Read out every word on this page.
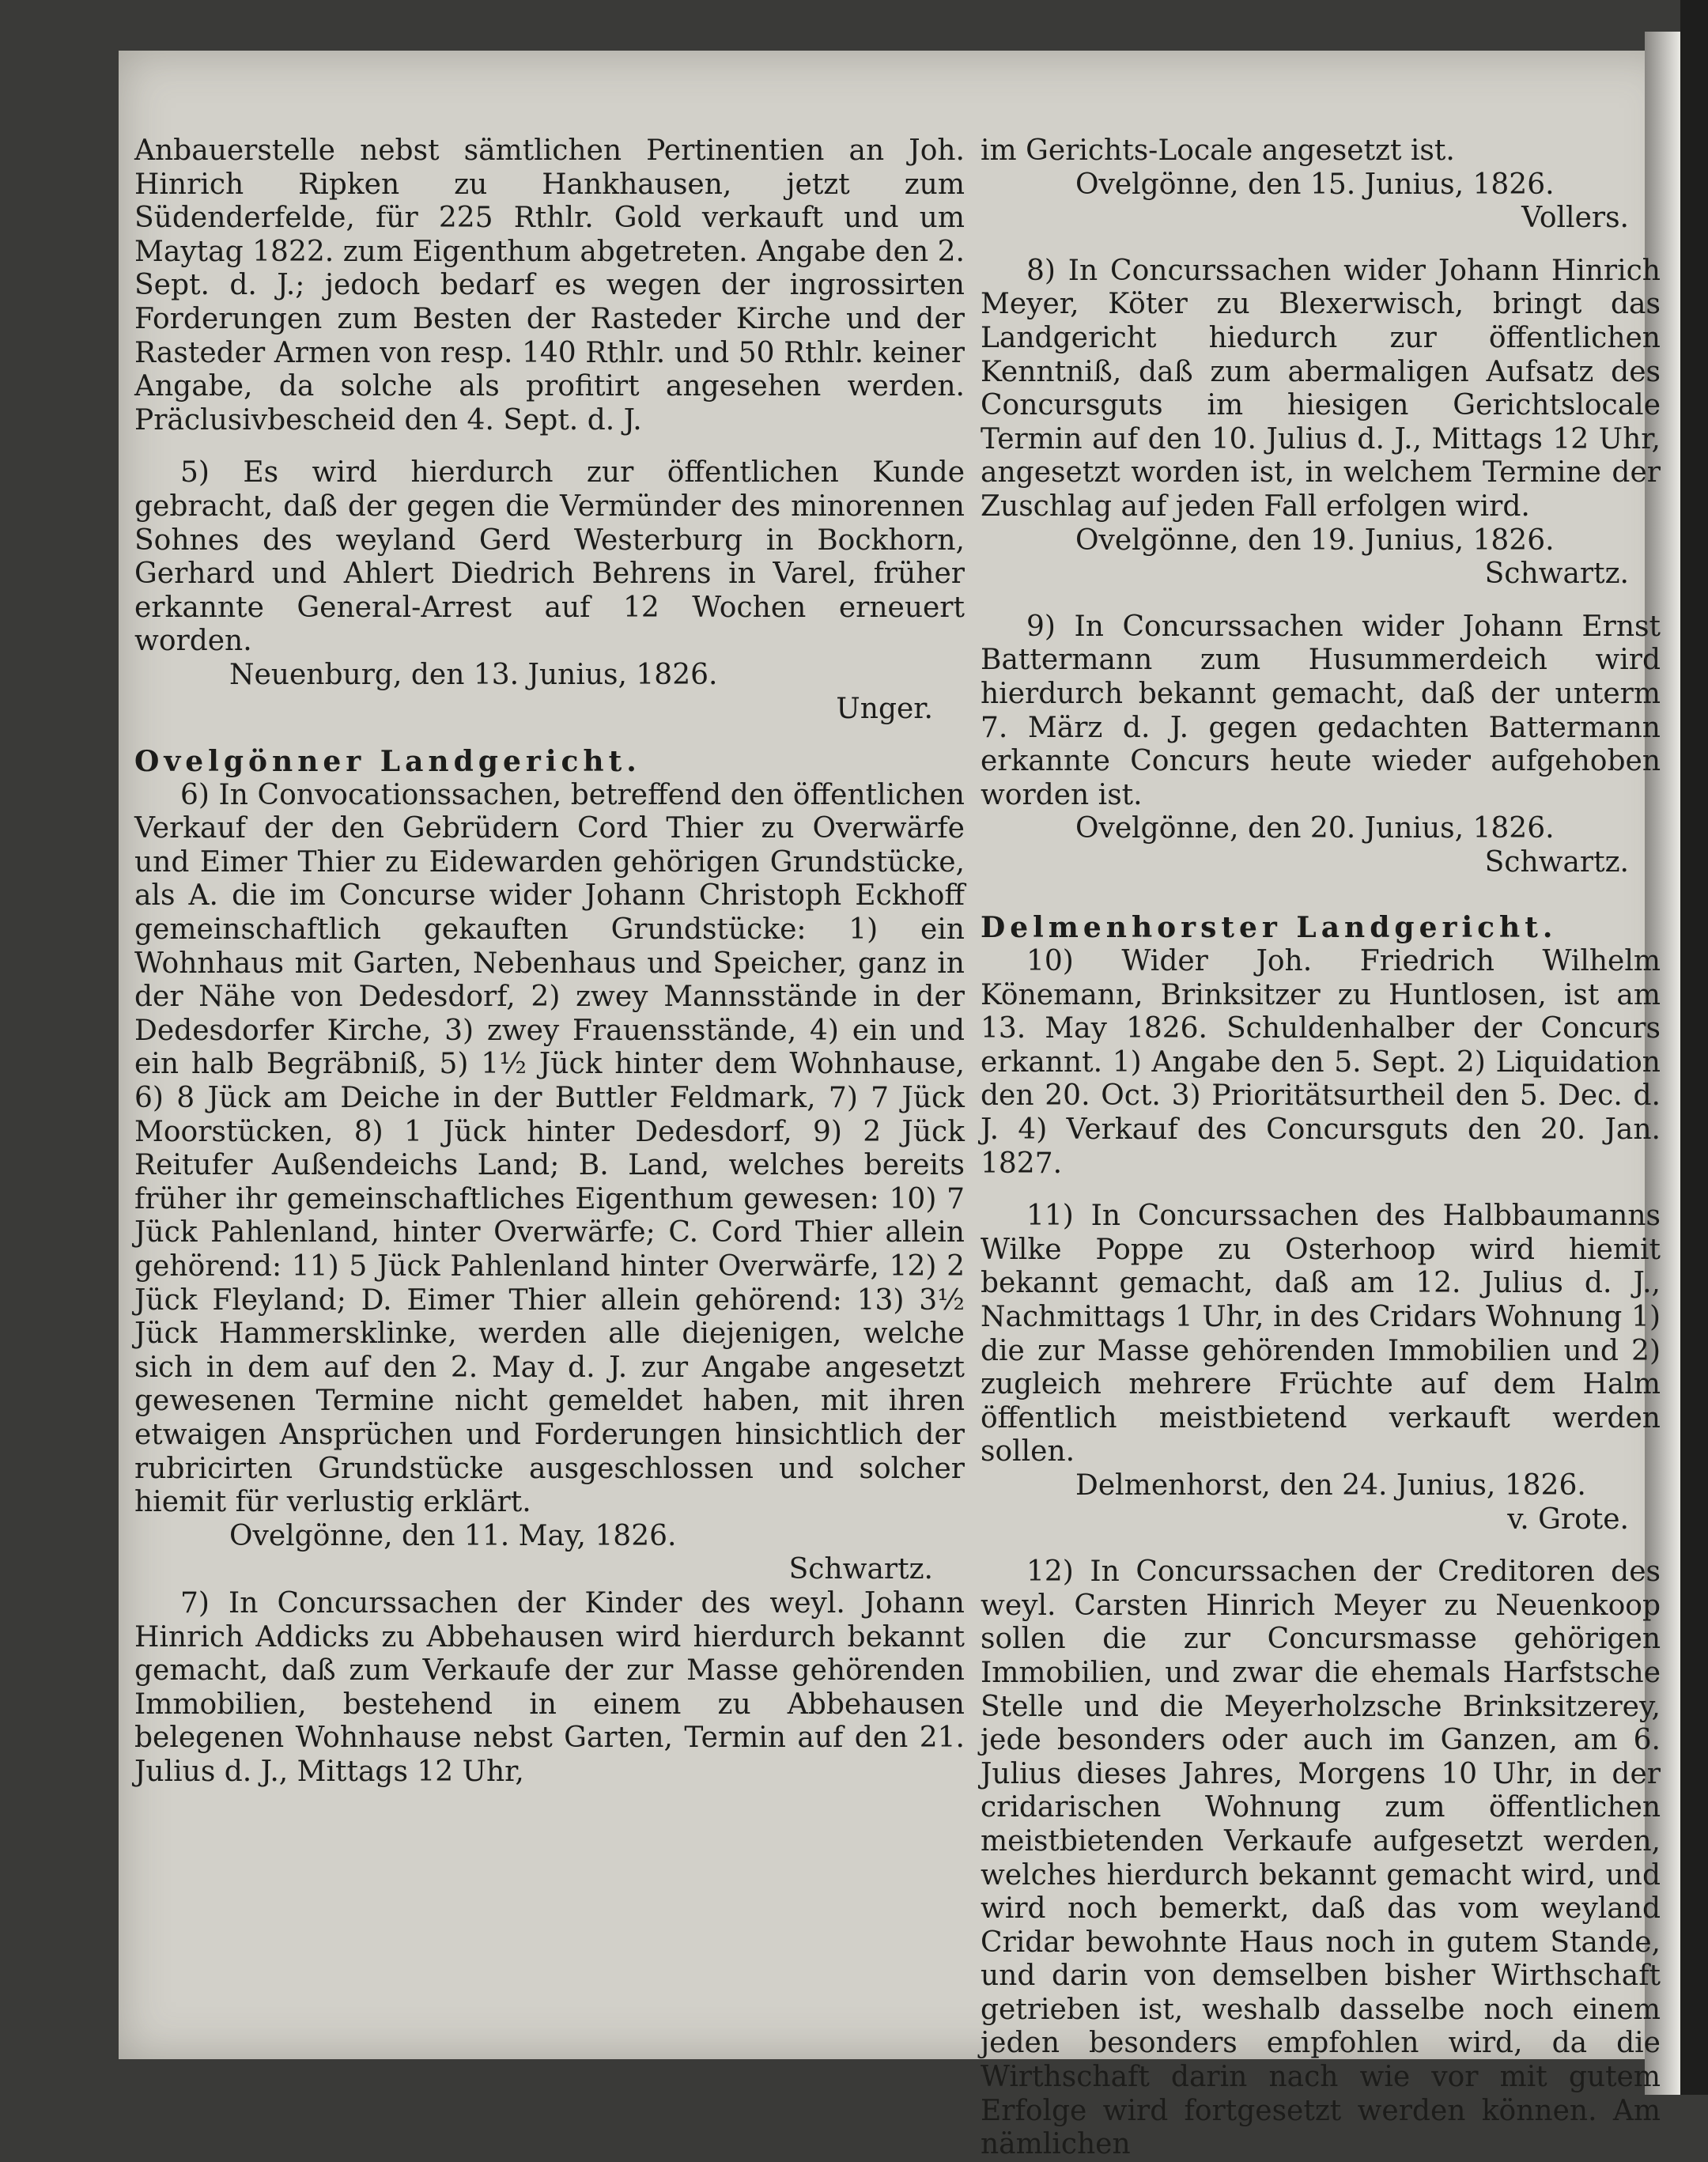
Anbauerstelle nebst sämtlichen Pertinentien an Joh. Hinrich Ripken zu Hankhausen, jetzt zum Südenderfelde, für 225 Rthlr. Gold verkauft und um Maytag 1822. zum Eigenthum abgetreten. Angabe den 2. Sept. d. J.; jedoch bedarf es wegen der ingrossirten Forderungen zum Besten der Rasteder Kirche und der Rasteder Armen von resp. 140 Rthlr. und 50 Rthlr. keiner Angabe, da solche als profitirt angesehen werden. Präclusivbescheid den 4. Sept. d. J.

5) Es wird hierdurch zur öffentlichen Kunde gebracht, daß der gegen die Vermünder des minorennen Sohnes des weyland Gerd Westerburg in Bockhorn, Gerhard und Ahlert Diedrich Behrens in Varel, früher erkannte General-Arrest auf 12 Wochen erneuert worden.

Neuenburg, den 13. Junius, 1826.

Unger.

Ovelgönner Landgericht.

6) In Convocationssachen, betreffend den öffentlichen Verkauf der den Gebrüdern Cord Thier zu Overwärfe und Eimer Thier zu Eidewarden gehörigen Grundstücke, als A. die im Concurse wider Johann Christoph Eckhoff gemeinschaftlich gekauften Grundstücke: 1) ein Wohnhaus mit Garten, Nebenhaus und Speicher, ganz in der Nähe von Dedesdorf, 2) zwey Mannsstände in der Dedesdorfer Kirche, 3) zwey Frauensstände, 4) ein und ein halb Begräbniß, 5) 1½ Jück hinter dem Wohnhause, 6) 8 Jück am Deiche in der Buttler Feldmark, 7) 7 Jück Moorstücken, 8) 1 Jück hinter Dedesdorf, 9) 2 Jück Reitufer Außendeichs Land; B. Land, welches bereits früher ihr gemeinschaftliches Eigenthum gewesen: 10) 7 Jück Pahlenland, hinter Overwärfe; C. Cord Thier allein gehörend: 11) 5 Jück Pahlenland hinter Overwärfe, 12) 2 Jück Fleyland; D. Eimer Thier allein gehörend: 13) 3½ Jück Hammersklinke, werden alle diejenigen, welche sich in dem auf den 2. May d. J. zur Angabe angesetzt gewesenen Termine nicht gemeldet haben, mit ihren etwaigen Ansprüchen und Forderungen hinsichtlich der rubricirten Grundstücke ausgeschlossen und solcher hiemit für verlustig erklärt.

Ovelgönne, den 11. May, 1826.

Schwartz.

7) In Concurssachen der Kinder des weyl. Johann Hinrich Addicks zu Abbehausen wird hierdurch bekannt gemacht, daß zum Verkaufe der zur Masse gehörenden Immobilien, bestehend in einem zu Abbehausen belegenen Wohnhause nebst Garten, Termin auf den 21. Julius d. J., Mittags 12 Uhr,

im Gerichts-Locale angesetzt ist.

Ovelgönne, den 15. Junius, 1826.

Vollers.

8) In Concurssachen wider Johann Hinrich Meyer, Köter zu Blexerwisch, bringt das Landgericht hiedurch zur öffentlichen Kenntniß, daß zum abermaligen Aufsatz des Concursguts im hiesigen Gerichtslocale Termin auf den 10. Julius d. J., Mittags 12 Uhr, angesetzt worden ist, in welchem Termine der Zuschlag auf jeden Fall erfolgen wird.

Ovelgönne, den 19. Junius, 1826.

Schwartz.

9) In Concurssachen wider Johann Ernst Battermann zum Husummerdeich wird hierdurch bekannt gemacht, daß der unterm 7. März d. J. gegen gedachten Battermann erkannte Concurs heute wieder aufgehoben worden ist.

Ovelgönne, den 20. Junius, 1826.

Schwartz.

Delmenhorster Landgericht.

10) Wider Joh. Friedrich Wilhelm Könemann, Brinksitzer zu Huntlosen, ist am 13. May 1826. Schuldenhalber der Concurs erkannt. 1) Angabe den 5. Sept. 2) Liquidation den 20. Oct. 3) Prioritätsurtheil den 5. Dec. d. J. 4) Verkauf des Concursguts den 20. Jan. 1827.

11) In Concurssachen des Halbbaumanns Wilke Poppe zu Osterhoop wird hiemit bekannt gemacht, daß am 12. Julius d. J., Nachmittags 1 Uhr, in des Cridars Wohnung 1) die zur Masse gehörenden Immobilien und 2) zugleich mehrere Früchte auf dem Halm öffentlich meistbietend verkauft werden sollen.

Delmenhorst, den 24. Junius, 1826.

v. Grote.

12) In Concurssachen der Creditoren des weyl. Carsten Hinrich Meyer zu Neuenkoop sollen die zur Concursmasse gehörigen Immobilien, und zwar die ehemals Harfstsche Stelle und die Meyerholzsche Brinksitzerey, jede besonders oder auch im Ganzen, am 6. Julius dieses Jahres, Morgens 10 Uhr, in der cridarischen Wohnung zum öffentlichen meistbietenden Verkaufe aufgesetzt werden, welches hierdurch bekannt gemacht wird, und wird noch bemerkt, daß das vom weyland Cridar bewohnte Haus noch in gutem Stande, und darin von demselben bisher Wirthschaft getrieben ist, weshalb dasselbe noch einem jeden besonders empfohlen wird, da die Wirthschaft darin nach wie vor mit gutem Erfolge wird fortgesetzt werden können. Am nämlichen
